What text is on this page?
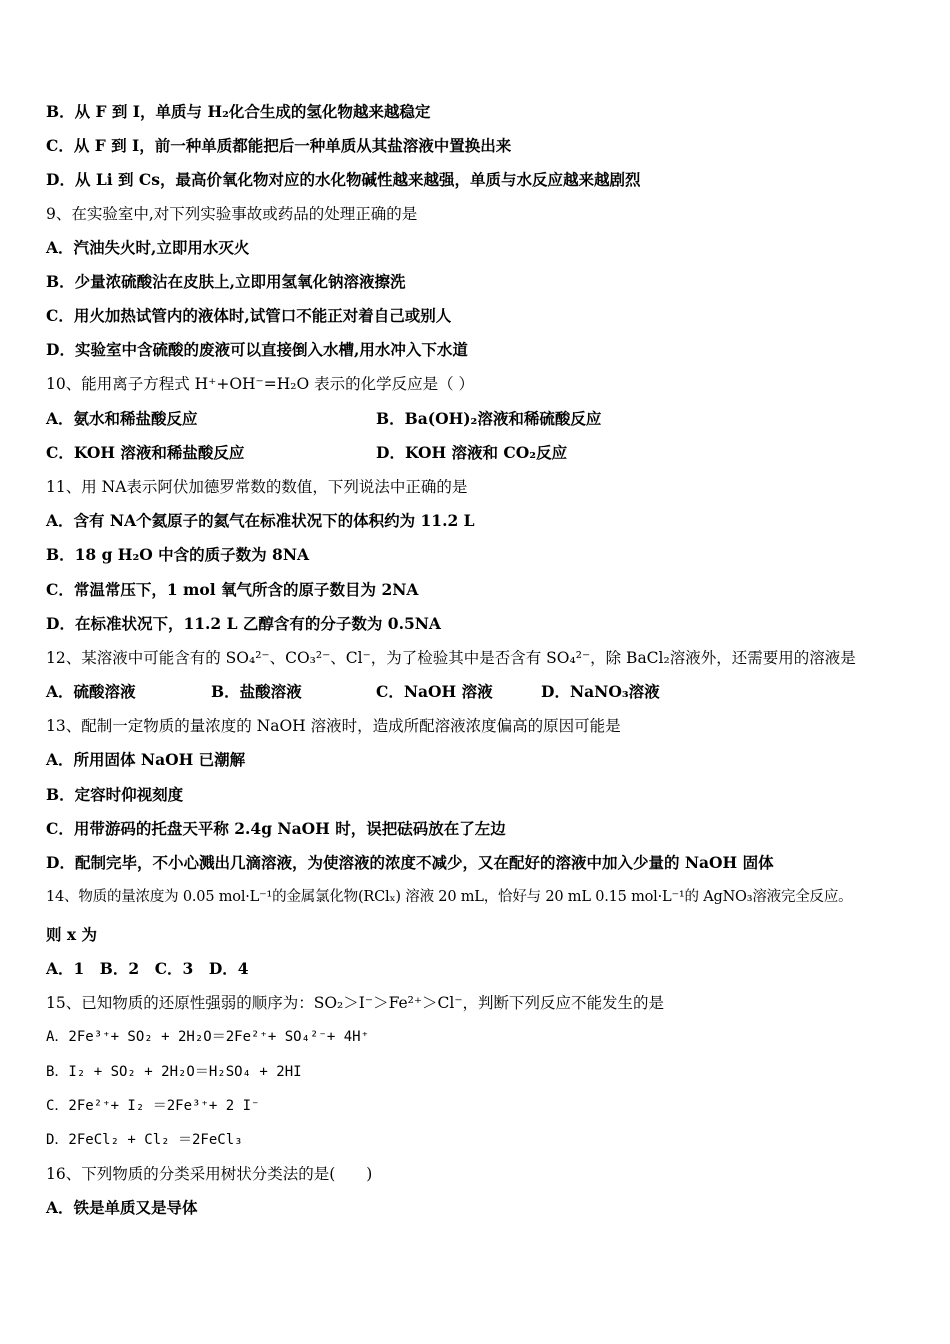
B．从 F 到 I，单质与 H₂化合生成的氢化物越来越稳定
C．从 F 到 I，前一种单质都能把后一种单质从其盐溶液中置换出来
D．从 Li 到 Cs，最高价氧化物对应的水化物碱性越来越强，单质与水反应越来越剧烈
9、在实验室中,对下列实验事故或药品的处理正确的是
A．汽油失火时,立即用水灭火
B．少量浓硫酸沾在皮肤上,立即用氢氧化钠溶液擦洗
C．用火加热试管内的液体时,试管口不能正对着自己或别人
D．实验室中含硫酸的废液可以直接倒入水槽,用水冲入下水道
10、能用离子方程式 H⁺+OH⁻=H₂O 表示的化学反应是（ ）
A．氨水和稀盐酸反应	B．Ba(OH)₂溶液和稀硫酸反应
C．KOH 溶液和稀盐酸反应	D．KOH 溶液和 CO₂反应
11、用 NA表示阿伏加德罗常数的数值，下列说法中正确的是
A．含有 NA个氦原子的氦气在标准状况下的体积约为 11.2 L
B．18 g H₂O 中含的质子数为 8NA
C．常温常压下，1 mol 氧气所含的原子数目为 2NA
D．在标准状况下，11.2 L 乙醇含有的分子数为 0.5NA
12、某溶液中可能含有的 SO₄²⁻、CO₃²⁻、Cl⁻，为了检验其中是否含有 SO₄²⁻，除 BaCl₂溶液外，还需要用的溶液是
A．硫酸溶液	B．盐酸溶液	C．NaOH 溶液	D．NaNO₃溶液
13、配制一定物质的量浓度的 NaOH 溶液时，造成所配溶液浓度偏高的原因可能是
A．所用固体 NaOH 已潮解
B．定容时仰视刻度
C．用带游码的托盘天平称 2.4g NaOH 时，误把砝码放在了左边
D．配制完毕，不小心溅出几滴溶液，为使溶液的浓度不减少，又在配好的溶液中加入少量的 NaOH 固体
14、物质的量浓度为 0.05 mol·L⁻¹的金属氯化物(RClₓ) 溶液 20 mL，恰好与 20 mL 0.15 mol·L⁻¹的 AgNO₃溶液完全反应。
则 x 为
A．1　B．2　C．3　D．4
15、已知物质的还原性强弱的顺序为：SO₂＞I⁻＞Fe²⁺＞Cl⁻，判断下列反应不能发生的是
A．2Fe³⁺+ SO₂ + 2H₂O＝2Fe²⁺+ SO₄²⁻+ 4H⁺
B．I₂ + SO₂ + 2H₂O＝H₂SO₄ + 2HI
C．2Fe²⁺+ I₂ ＝2Fe³⁺+ 2 I⁻
D．2FeCl₂ + Cl₂ ＝2FeCl₃
16、下列物质的分类采用树状分类法的是(　　)
A．铁是单质又是导体
